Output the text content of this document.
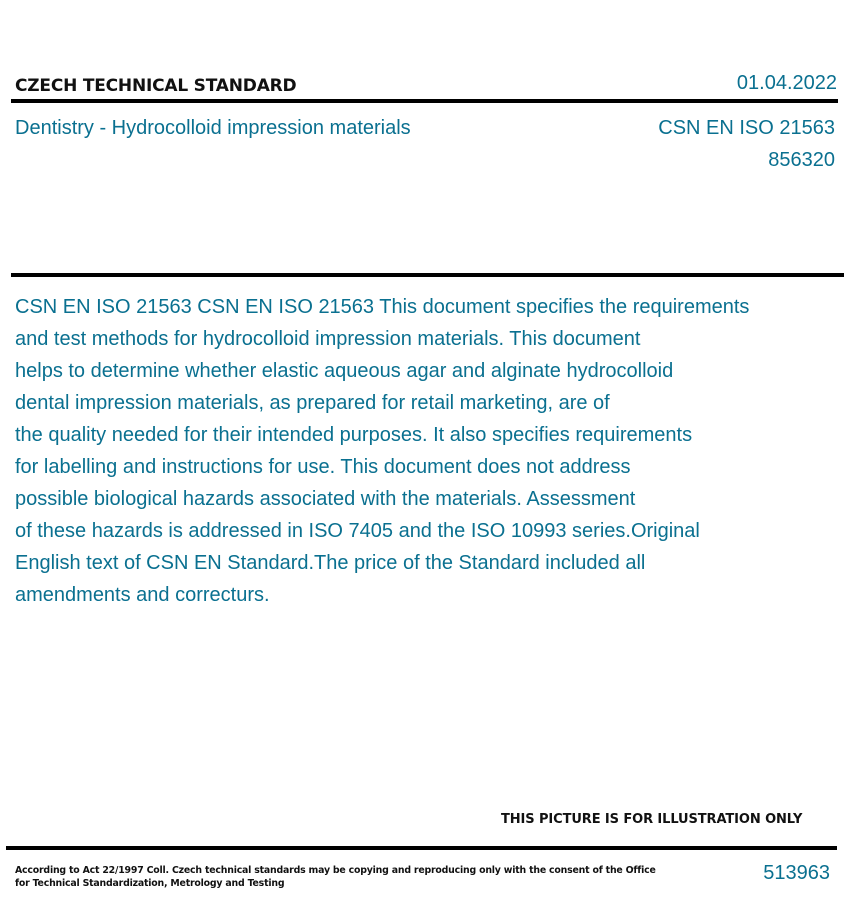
CZECH TECHNICAL STANDARD	01.04.2022
Dentistry - Hydrocolloid impression materials	CSN EN ISO 21563
856320
CSN EN ISO 21563 CSN EN ISO 21563 This document specifies the requirements
and test methods for hydrocolloid impression materials. This document
helps to determine whether elastic aqueous agar and alginate hydrocolloid
dental impression materials, as prepared for retail marketing, are of
the quality needed for their intended purposes. It also specifies requirements
for labelling and instructions for use. This document does not address
possible biological hazards associated with the materials. Assessment
of these hazards is addressed in ISO 7405 and the ISO 10993 series.Original
English text of CSN EN Standard.The price of the Standard included all
amendments and correcturs.
THIS PICTURE IS FOR ILLUSTRATION ONLY
According to Act 22/1997 Coll. Czech technical standards may be copying and reproducing only with the consent of the Office
for Technical Standardization, Metrology and Testing	513963
